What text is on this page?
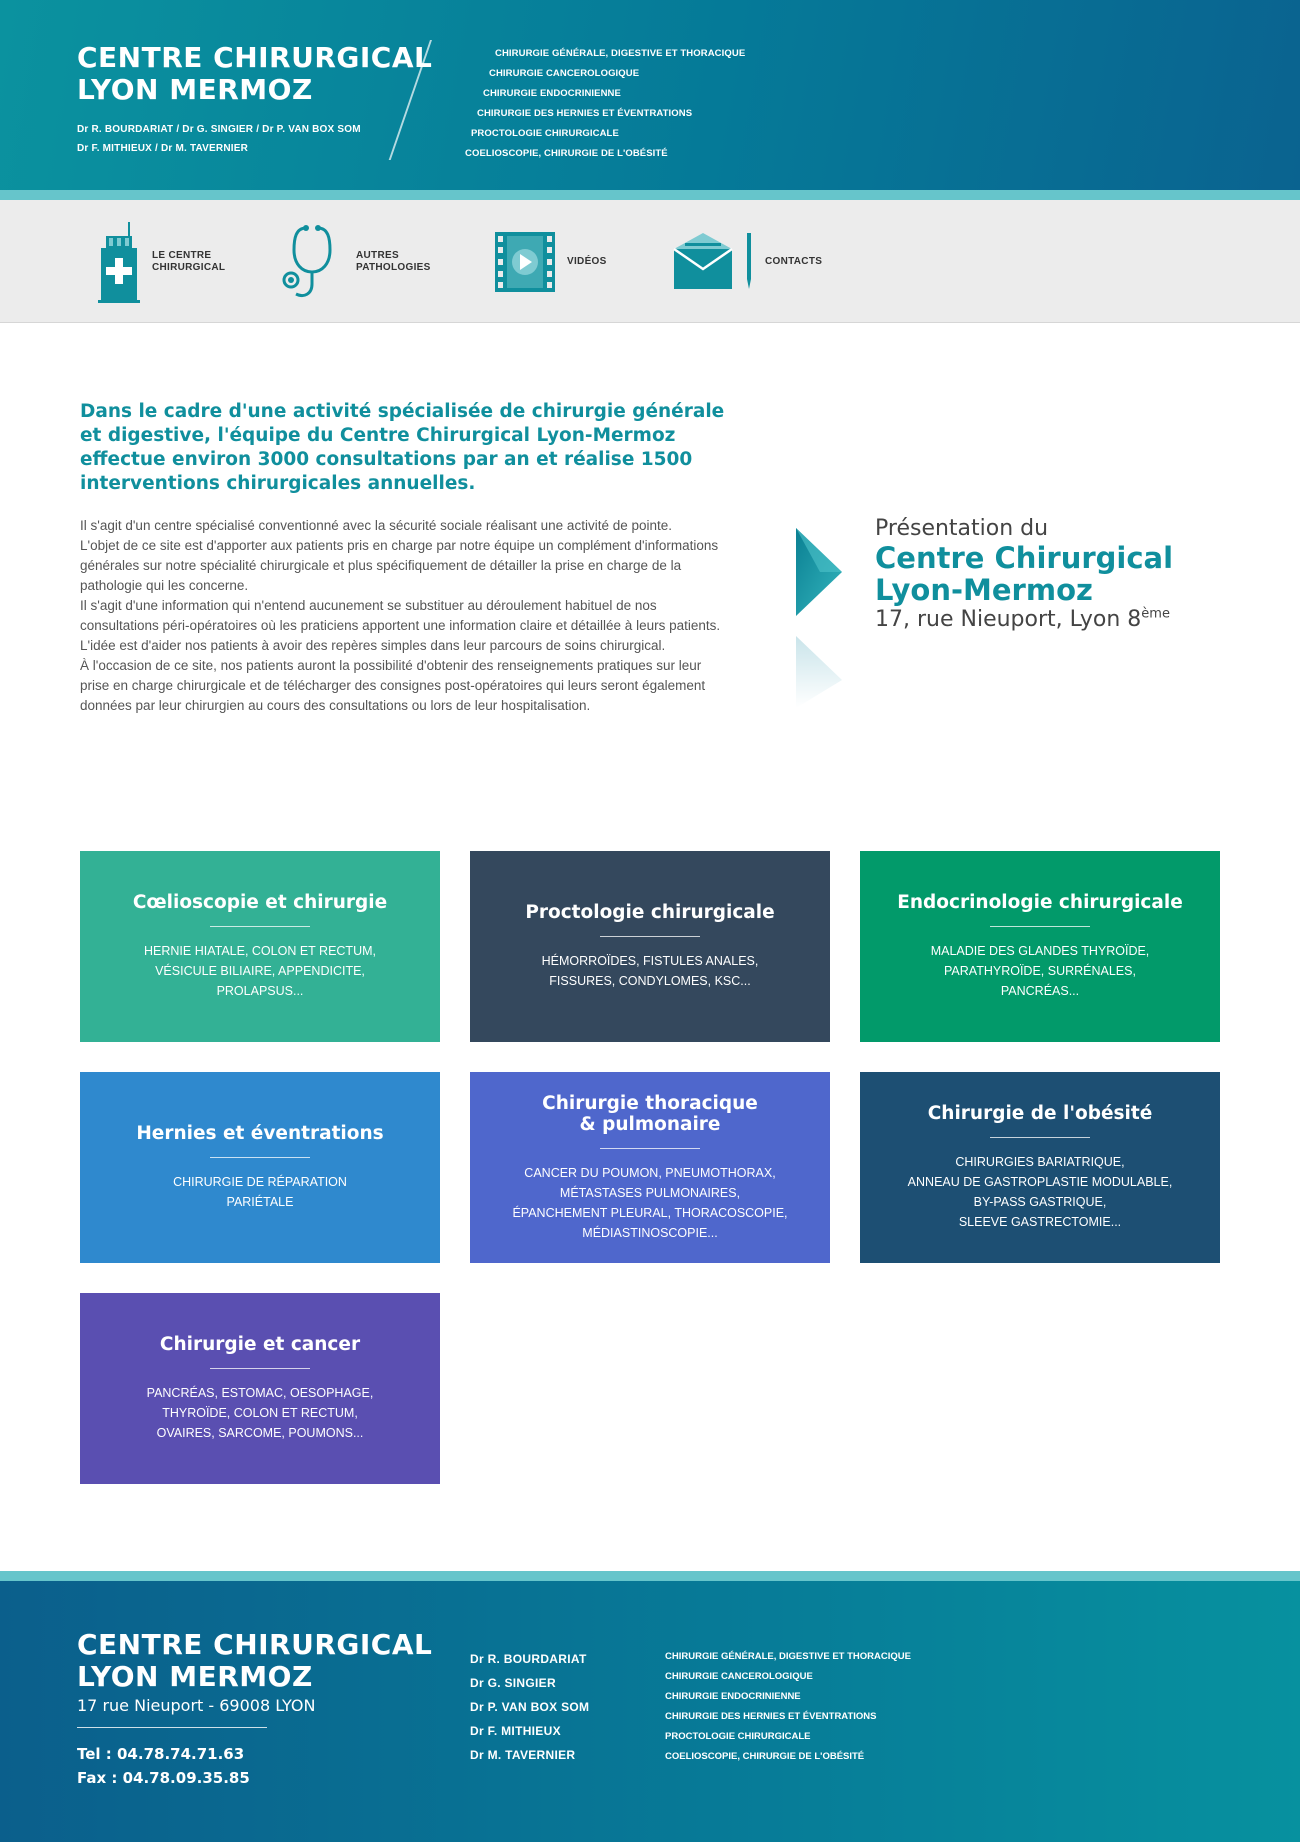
CENTRE CHIRURGICAL
LYON MERMOZ
Dr R. BOURDARIAT / Dr G. SINGIER / Dr P. VAN BOX SOM
Dr F. MITHIEUX / Dr M. TAVERNIER
CHIRURGIE GÉNÉRALE, DIGESTIVE ET THORACIQUE
CHIRURGIE CANCEROLOGIQUE
CHIRURGIE ENDOCRINIENNE
CHIRURGIE DES HERNIES ET ÉVENTRATIONS
PROCTOLOGIE CHIRURGICALE
COELIOSCOPIE, CHIRURGIE DE L'OBÉSITÉ
LE CENTRE
CHIRURGICAL
AUTRES
PATHOLOGIES
VIDÉOS	CONTACTS
Dans le cadre d'une activité spécialisée de chirurgie générale et digestive, l'équipe du Centre Chirurgical Lyon-Mermoz effectue environ 3000 consultations par an et réalise 1500 interventions chirurgicales annuelles.

Il s'agit d'un centre spécialisé conventionné avec la sécurité sociale réalisant une activité de pointe.

L'objet de ce site est d'apporter aux patients pris en charge par notre équipe un complément d'informations générales sur notre spécialité chirurgicale et plus spécifiquement de détailler la prise en charge de la pathologie qui les concerne.

Il s'agit d'une information qui n'entend aucunement se substituer au déroulement habituel de nos consultations péri-opératoires où les praticiens apportent une information claire et détaillée à leurs patients.

L'idée est d'aider nos patients à avoir des repères simples dans leur parcours de soins chirurgical.

À l'occasion de ce site, nos patients auront la possibilité d'obtenir des renseignements pratiques sur leur prise en charge chirurgicale et de télécharger des consignes post-opératoires qui leurs seront également données par leur chirurgien au cours des consultations ou lors de leur hospitalisation.

Présentation du
Centre Chirurgical
Lyon-Mermoz
17, rue Nieuport, Lyon 8ème
Cœlioscopie et chirurgie
HERNIE HIATALE, COLON ET RECTUM,
VÉSICULE BILIAIRE, APPENDICITE,
PROLAPSUS...
Proctologie chirurgicale
HÉMORROÏDES, FISTULES ANALES,
FISSURES, CONDYLOMES, KSC...
Endocrinologie chirurgicale
MALADIE DES GLANDES THYROÏDE,
PARATHYROÏDE, SURRÉNALES,
PANCRÉAS...
Hernies et éventrations
CHIRURGIE DE RÉPARATION
PARIÉTALE
Chirurgie thoracique
& pulmonaire
CANCER DU POUMON, PNEUMOTHORAX,
MÉTASTASES PULMONAIRES,
ÉPANCHEMENT PLEURAL, THORACOSCOPIE,
MÉDIASTINOSCOPIE...
Chirurgie de l'obésité
CHIRURGIES BARIATRIQUE,
ANNEAU DE GASTROPLASTIE MODULABLE,
BY-PASS GASTRIQUE,
SLEEVE GASTRECTOMIE...
Chirurgie et cancer
PANCRÉAS, ESTOMAC, OESOPHAGE,
THYROÏDE, COLON ET RECTUM,
OVAIRES, SARCOME, POUMONS...
CENTRE CHIRURGICAL
LYON MERMOZ
17 rue Nieuport - 69008 LYON
Tel : 04.78.74.71.63
Fax : 04.78.09.35.85
Dr R. BOURDARIAT
Dr G. SINGIER
Dr P. VAN BOX SOM
Dr F. MITHIEUX
Dr M. TAVERNIER
CHIRURGIE GÉNÉRALE, DIGESTIVE ET THORACIQUE
CHIRURGIE CANCEROLOGIQUE
CHIRURGIE ENDOCRINIENNE
CHIRURGIE DES HERNIES ET ÉVENTRATIONS
PROCTOLOGIE CHIRURGICALE
COELIOSCOPIE, CHIRURGIE DE L'OBÉSITÉ
